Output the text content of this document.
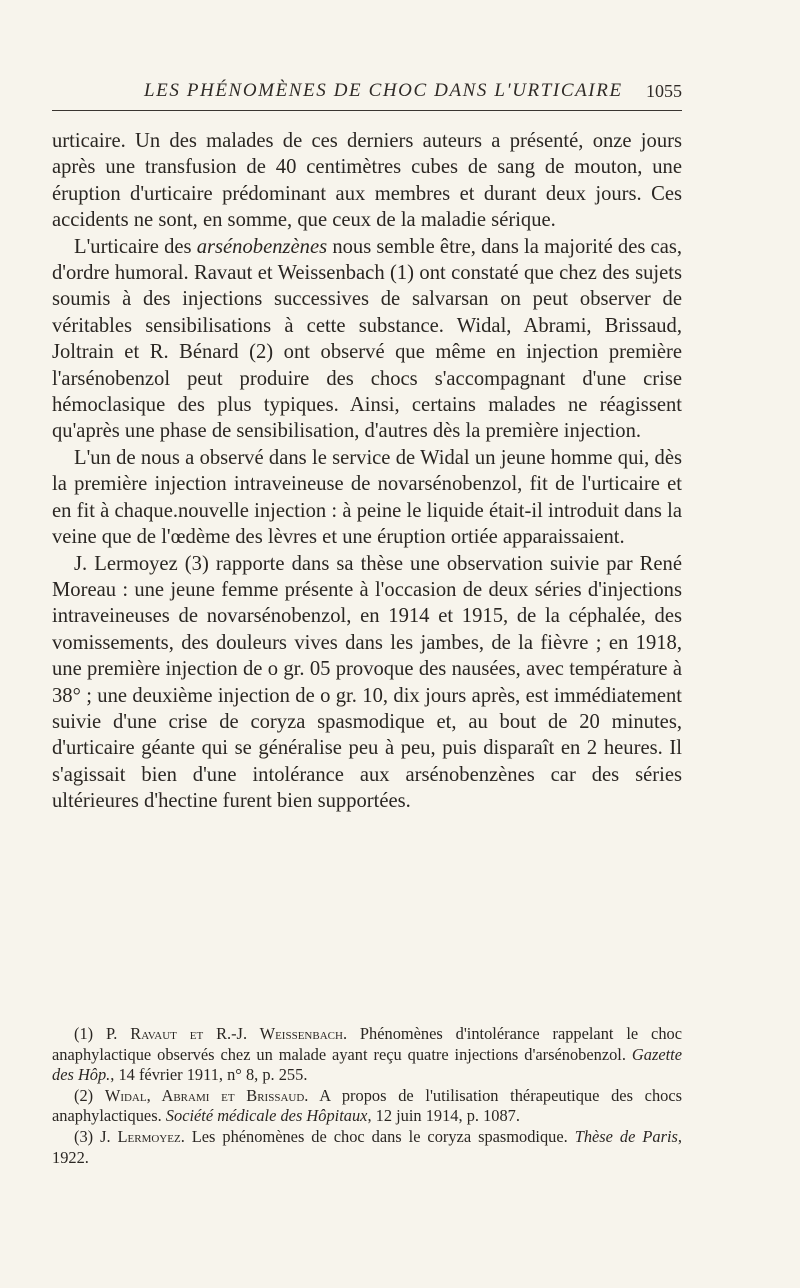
LES PHÉNOMÈNES DE CHOC DANS L'URTICAIRE 1055

urticaire. Un des malades de ces derniers auteurs a présenté, onze jours après une transfusion de 40 centimètres cubes de sang de mouton, une éruption d'urticaire prédominant aux membres et durant deux jours. Ces accidents ne sont, en somme, que ceux de la maladie sérique.

L'urticaire des arsénobenzènes nous semble être, dans la majorité des cas, d'ordre humoral. Ravaut et Weissenbach (1) ont constaté que chez des sujets soumis à des injections successives de salvarsan on peut observer de véritables sensibilisations à cette substance. Widal, Abrami, Brissaud, Joltrain et R. Bénard (2) ont observé que même en injection première l'arsénobenzol peut produire des chocs s'accompagnant d'une crise hémoclasique des plus typiques. Ainsi, certains malades ne réagissent qu'après une phase de sensibilisation, d'autres dès la première injection.

L'un de nous a observé dans le service de Widal un jeune homme qui, dès la première injection intraveineuse de novarsénobenzol, fit de l'urticaire et en fit à chaque.nouvelle injection : à peine le liquide était-il introduit dans la veine que de l'œdème des lèvres et une éruption ortiée apparaissaient.

J. Lermoyez (3) rapporte dans sa thèse une observation suivie par René Moreau : une jeune femme présente à l'occasion de deux séries d'injections intraveineuses de novarsénobenzol, en 1914 et 1915, de la céphalée, des vomissements, des douleurs vives dans les jambes, de la fièvre ; en 1918, une première injection de o gr. 05 provoque des nausées, avec température à 38° ; une deuxième injection de o gr. 10, dix jours après, est immédiatement suivie d'une crise de coryza spasmodique et, au bout de 20 minutes, d'urticaire géante qui se généralise peu à peu, puis disparaît en 2 heures. Il s'agissait bien d'une intolérance aux arsénobenzènes car des séries ultérieures d'hectine furent bien supportées.

(1) P. Ravaut et R.-J. Weissenbach. Phénomènes d'intolérance rappelant le choc anaphylactique observés chez un malade ayant reçu quatre injections d'arsénobenzol. Gazette des Hôp., 14 février 1911, n° 8, p. 255.

(2) Widal, Abrami et Brissaud. A propos de l'utilisation thérapeutique des chocs anaphylactiques. Société médicale des Hôpitaux, 12 juin 1914, p. 1087.

(3) J. Lermoyez. Les phénomènes de choc dans le coryza spasmodique. Thèse de Paris, 1922.
